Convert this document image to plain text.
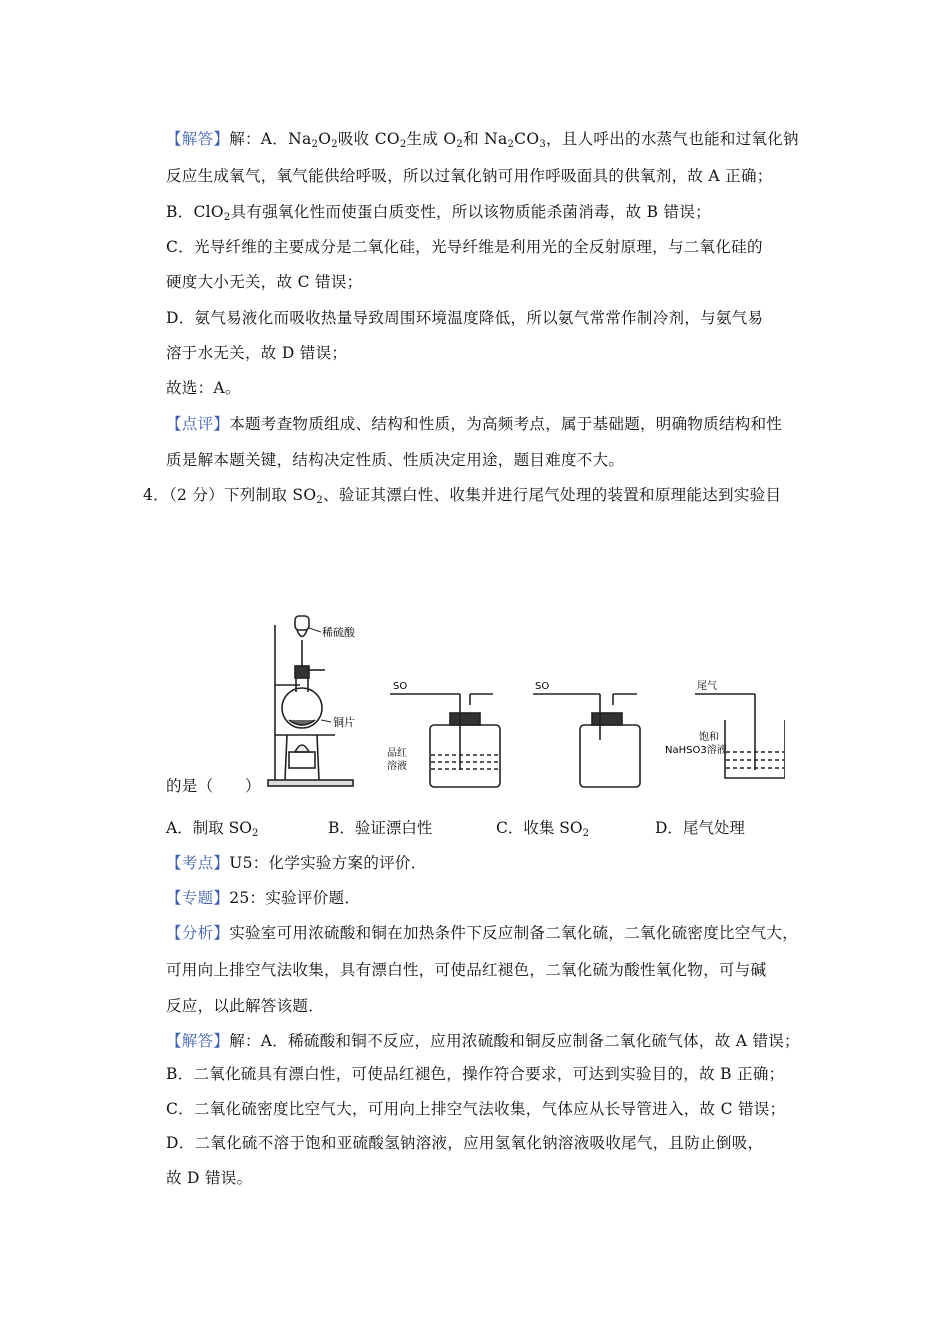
【解答】解：A．$Na_2O_2$吸收 $CO_2$生成 $O_2$和 $Na_2CO_3$，且人呼出的水蒸气也能和过氧化钠
反应生成氧气，氧气能供给呼吸，所以过氧化钠可用作呼吸面具的供氧剂，故 A 正确；
B．ClO$_2$具有强氧化性而使蛋白质变性，所以该物质能杀菌消毒，故 B 错误；
C．光导纤维的主要成分是二氧化硅，光导纤维是利用光的全反射原理，与二氧化硅的
硬度大小无关，故 C 错误；
D．氨气易液化而吸收热量导致周围环境温度降低，所以氨气常常作制冷剂，与氨气易
溶于水无关，故 D 错误；
故选：A。
【点评】本题考查物质组成、结构和性质，为高频考点，属于基础题，明确物质结构和性
质是解本题关键，结构决定性质、性质决定用途，题目难度不大。
4．（2 分）下列制取 $SO_2$、验证其漂白性、收集并进行尾气处理的装置和原理能达到实验目
稀硫酸
铜片
SO
品红
溶液
SO	尾气
饱和
NaHSO3溶液
的是（　　）
A．制取 $SO_2$	B．验证漂白性	C．收集 $SO_2$	D．尾气处理
【考点】U5：化学实验方案的评价．
【专题】25：实验评价题．
【分析】实验室可用浓硫酸和铜在加热条件下反应制备二氧化硫，二氧化硫密度比空气大，
可用向上排空气法收集，具有漂白性，可使品红褪色，二氧化硫为酸性氧化物，可与碱
反应，以此解答该题．
【解答】解：A．稀硫酸和铜不反应，应用浓硫酸和铜反应制备二氧化硫气体，故 A 错误；
B．二氧化硫具有漂白性，可使品红褪色，操作符合要求，可达到实验目的，故 B 正确；
C．二氧化硫密度比空气大，可用向上排空气法收集，气体应从长导管进入，故 C 错误；
D．二氧化硫不溶于饱和亚硫酸氢钠溶液，应用氢氧化钠溶液吸收尾气，且防止倒吸，
故 D 错误。
